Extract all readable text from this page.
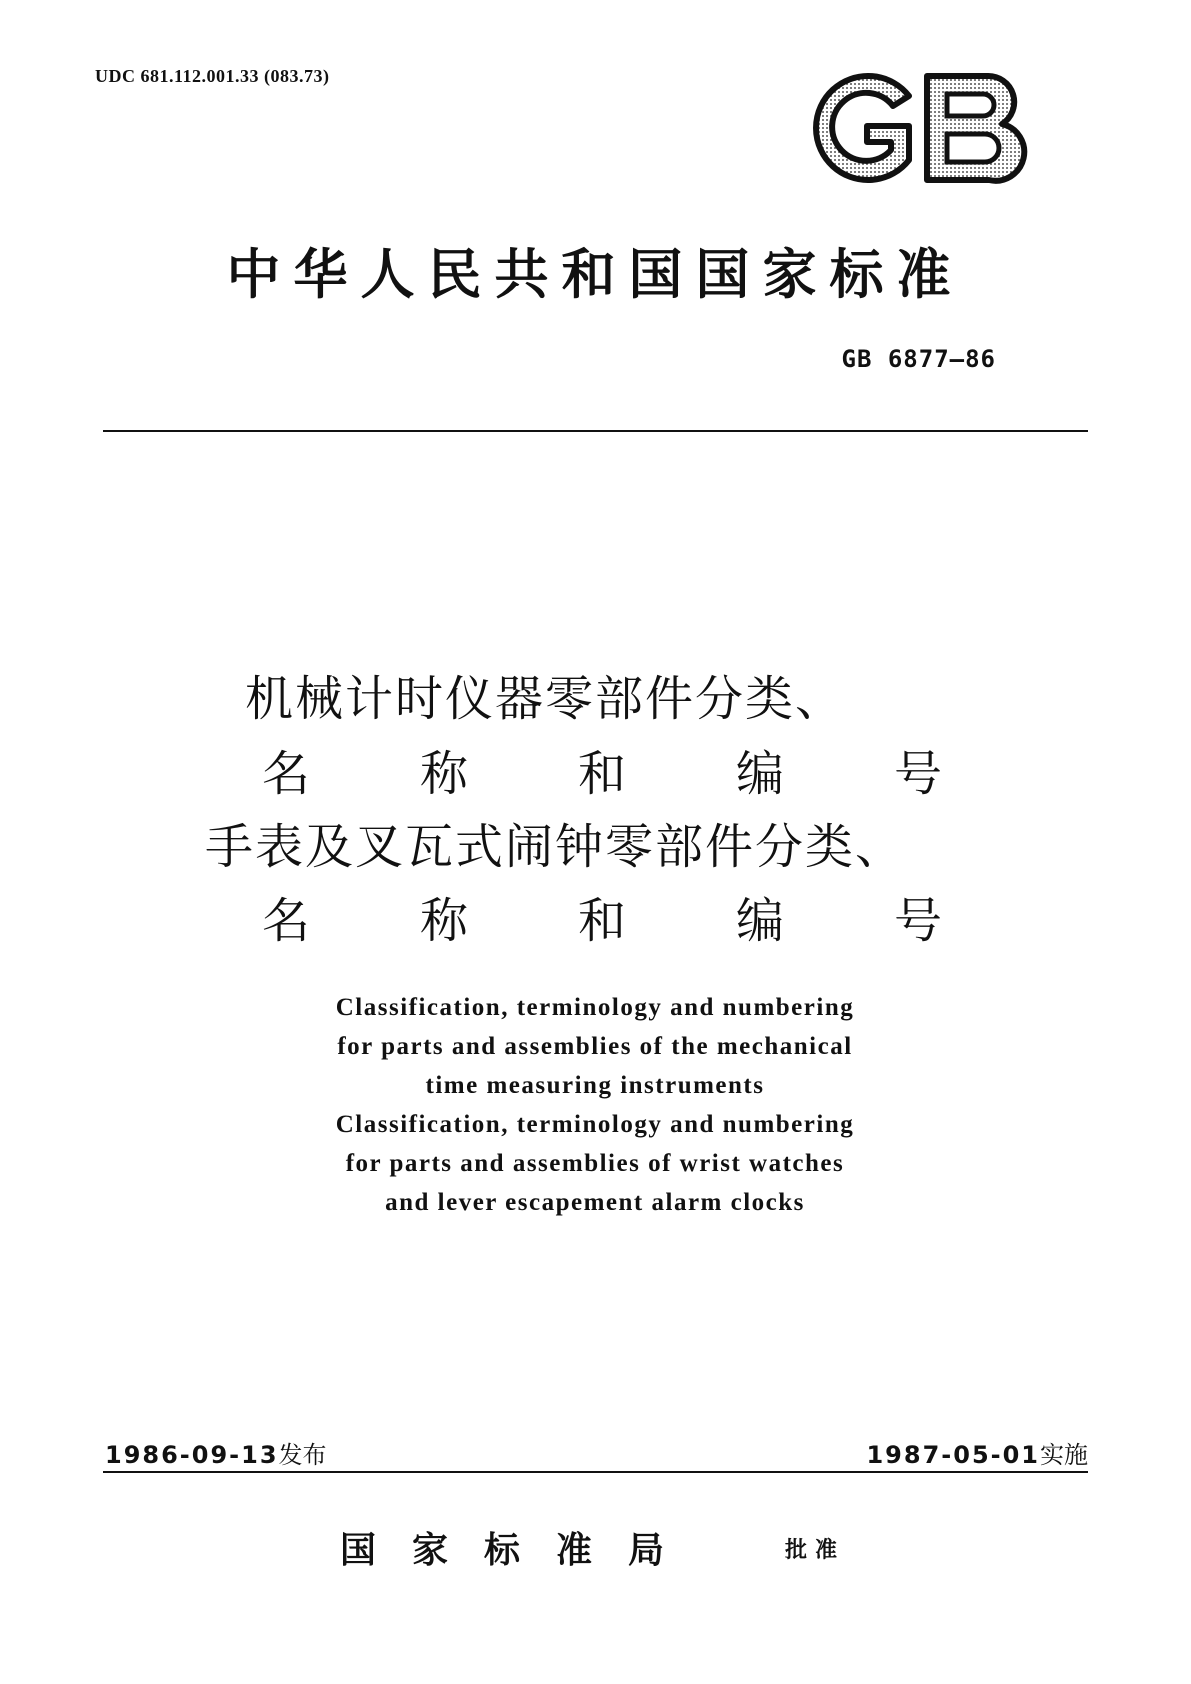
UDC 681.112.001.33 (083.73)
中华人民共和国国家标准
GB 6877—86
机械计时仪器零部件分类、
名 称 和 编 号
手表及叉瓦式闹钟零部件分类、
名 称 和 编 号
Classification, terminology and numbering
for parts and assemblies of the mechanical
time measuring instruments
Classification, terminology and numbering
for parts and assemblies of wrist watches
and lever escapement alarm clocks
1986-09-13发布	1987-05-01实施
国家标准局	批准
